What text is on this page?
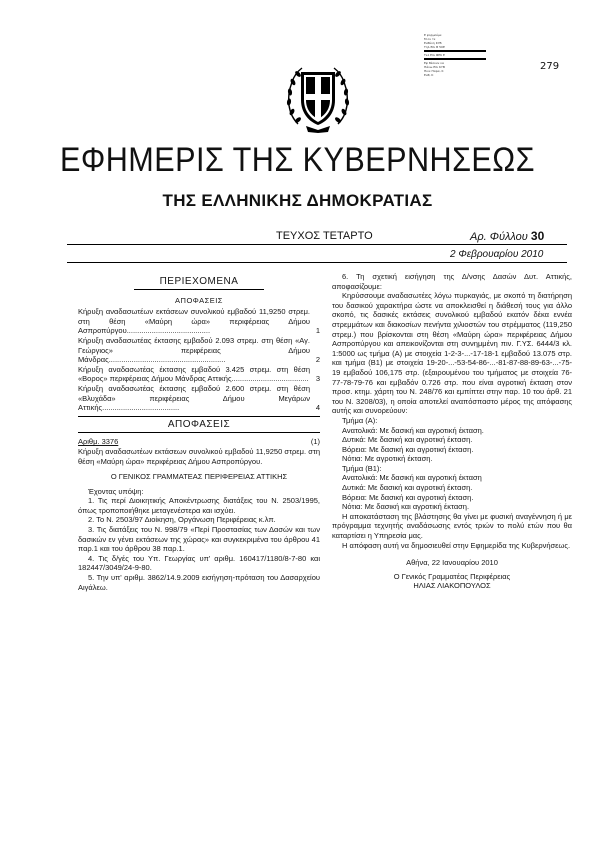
Ε φορμούμε
Μ ον τε
Ευθύνη ΚΥΒ
Τηλ Επι Β 50Ε
Τελ Επι ΦΕΚ Ε
Εφ θέλουν να
Πάνω Επι ΚΥΒ
Πινε Παρα, Κ
Ευθ, Κ
279
ΕΦΗΜΕΡΙΣ ΤΗΣ ΚΥΒΕΡΝΗΣΕΩΣ
ΤΗΣ ΕΛΛΗΝΙΚΗΣ ΔΗΜΟΚΡΑΤΙΑΣ
ΤΕΥΧΟΣ ΤΕΤΑΡΤΟ	Αρ. Φύλλου 30
2 Φεβρουαρίου 2010

ΠΕΡΙΕΧΟΜΕΝΑ

ΑΠΟΦΑΣΕΙΣ

Κήρυξη αναδασωτέων εκτάσεων συνολικού εμβαδού 11,9250 στρεμ. στη θέση «Μαύρη ώρα» περιφέρειας Δήμου Ασπροπύργου........................................	1

Κήρυξη αναδασωτέας έκτασης εμβαδού 2.093 στρεμ. στη θέση «Αγ. Γεώργιος» περιφέρειας Δήμου Μάνδρας........................................................	2

Κήρυξη αναδασωτέας έκτασης εμβαδού 3.425 στρεμ. στη θέση «Βορος» περιφέρειας Δήμου Μάνδρας Αττικής..................................... 3

Κήρυξη αναδασωτέας έκτασης εμβαδού 2.600 στρεμ. στη θέση «Βλυχάδα» περιφέρειας Δήμου Μεγάρων Αττικής.....................................	4

ΑΠΟΦΑΣΕΙΣ

Αριθμ. 3376	(1)

Κήρυξη αναδασωτέων εκτάσεων συνολικού εμβαδού 11,9250 στρεμ. στη θέση «Μαύρη ώρα» περιφέρειας Δήμου Ασπροπύργου.

Ο ΓΕΝΙΚΟΣ ΓΡΑΜΜΑΤΕΑΣ ΠΕΡΙΦΕΡΕΙΑΣ ΑΤΤΙΚΗΣ

Έχοντας υπόψη:

1. Τις περί Διοικητικής Αποκέντρωσης διατάξεις του Ν. 2503/1995, όπως τροποποιήθηκε μεταγενέστερα και ισχύει.

2. Το Ν. 2503/97 Διοίκηση, Οργάνωση Περιφέρειας κ.λπ.

3. Τις διατάξεις του Ν. 998/79 «Περί Προστασίας των Δασών και των δασικών εν γένει εκτάσεων της χώρας» και συγκεκριμένα του άρθρου 41 παρ.1 και του άρθρου 38 παρ.1.

4. Τις δ/γές του Υπ. Γεωργίας υπ' αριθμ. 160417/1180/8-7-80 και 182447/3049/24-9-80.

5. Την υπ' αριθμ. 3862/14.9.2009 εισήγηση-πρόταση του Δασαρχείου Αιγάλεω.

6. Τη σχετική εισήγηση της Δ/νσης Δασών Δυτ. Αττικής, αποφασίζουμε:

Κηρύσσουμε αναδασωτέες λόγω πυρκαγιάς, με σκοπό τη διατήρηση του δασικού χαρακτήρα ώστε να αποκλεισθεί η διάθεσή τους για άλλο σκοπό, τις δασικές εκτάσεις συνολικού εμβαδού εκατόν δέκα εννέα στρεμμάτων και διακοσίων πενήντα χιλιοστών του στρέμματος (119,250 στρεμ.) που βρίσκονται στη θέση «Μαύρη ώρα» περιφέρειας Δήμου Ασπροπύργου και απεικονίζονται στη συνημμένη πιν. Γ.ΥΣ. 6444/3 κλ. 1:5000 ως τμήμα (Α) με στοιχεία 1-2-3-...-17-18-1 εμβαδού 13.075 στρ. και τμήμα (Β1) με στοιχεία 19-20-...-53-54-86-...-81-87-88-89-63-...-75-19 εμβαδού 106,175 στρ. (εξαιρουμένου του τμήματος με στοιχεία 76-77-78-79-76 και εμβαδόν 0.726 στρ. που είναι αγροτική έκταση στον προσ. κτημ. χάρτη του Ν. 248/76 και εμπίπτει στην παρ. 10 του άρθ. 21 του Ν. 3208/03), η οποία αποτελεί αναπόσπαστο μέρος της απόφασης αυτής και συνορεύουν:

Τμήμα (Α):

Ανατολικά: Με δασική και αγροτική έκταση.

Δυτικά: Με δασική και αγροτική έκταση.

Βόρεια: Με δασική και αγροτική έκταση.

Νότια: Με αγροτική έκταση.

Τμήμα (Β1):

Ανατολικά: Με δασική και αγροτική έκταση

Δυτικά: Με δασική και αγροτική έκταση.

Βόρεια: Με δασική και αγροτική έκταση.

Νότια: Με δασική και αγροτική έκταση.

Η αποκατάσταση της βλάστησης θα γίνει με φυσική αναγέννηση ή με πρόγραμμα τεχνητής αναδάσωσης εντός τριών το πολύ ετών που θα καταρτίσει η Υπηρεσία μας.

Η απόφαση αυτή να δημοσιευθεί στην Εφημερίδα της Κυβερνήσεως.

Αθήνα, 22 Ιανουαρίου 2010

Ο Γενικός Γραμματέας Περιφέρειας

ΗΛΙΑΣ ΛΙΑΚΟΠΟΥΛΟΣ
